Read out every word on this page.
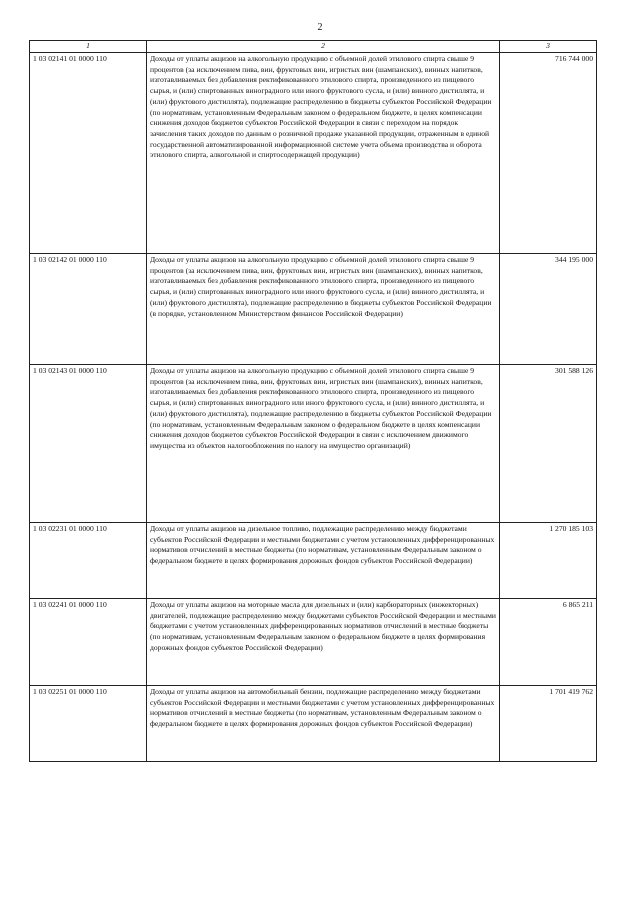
2
1	2	3
1 03 02141 01 0000 110	Доходы от уплаты акцизов на алкогольную продукцию с объемной долей этилового спирта свыше 9 процентов (за исключением пива, вин, фруктовых вин, игристых вин (шампанских), винных напитков, изготавливаемых без добавления ректификованного этилового спирта, произведенного из пищевого сырья, и (или) спиртованных виноградного или иного фруктового сусла, и (или) винного дистиллята, и (или) фруктового дистиллята), подлежащие распределению в бюджеты субъектов Российской Федерации (по нормативам, установленным Федеральным законом о федеральном бюджете, в целях компенсации снижения доходов бюджетов субъектов Российской Федерации в связи с переходом на порядок зачисления таких доходов по данным о розничной продаже указанной продукции, отраженным в единой государственной автоматизированной информационной системе учета объема производства и оборота этилового спирта, алкогольной и спиртосодержащей продукции)	716 744 000
1 03 02142 01 0000 110	Доходы от уплаты акцизов на алкогольную продукцию с объемной долей этилового спирта свыше 9 процентов (за исключением пива, вин, фруктовых вин, игристых вин (шампанских), винных напитков, изготавливаемых без добавления ректификованного этилового спирта, произведенного из пищевого сырья, и (или) спиртованных виноградного или иного фруктового сусла, и (или) винного дистиллята, и (или) фруктового дистиллята), подлежащие распределению в бюджеты субъектов Российской Федерации (в порядке, установленном Министерством финансов Российской Федерации)	344 195 000
1 03 02143 01 0000 110	Доходы от уплаты акцизов на алкогольную продукцию с объемной долей этилового спирта свыше 9 процентов (за исключением пива, вин, фруктовых вин, игристых вин (шампанских), винных напитков, изготавливаемых без добавления ректификованного этилового спирта, произведенного из пищевого сырья, и (или) спиртованных виноградного или иного фруктового сусла, и (или) винного дистиллята, и (или) фруктового дистиллята), подлежащие распределению в бюджеты субъектов Российской Федерации (по нормативам, установленным Федеральным законом о федеральном бюджете в целях компенсации снижения доходов бюджетов субъектов Российской Федерации в связи с исключением движимого имущества из объектов налогообложения по налогу на имущество организаций)	301 588 126
1 03 02231 01 0000 110	Доходы от уплаты акцизов на дизельное топливо, подлежащие распределению между бюджетами субъектов Российской Федерации и местными бюджетами с учетом установленных дифференцированных нормативов отчислений в местные бюджеты (по нормативам, установленным Федеральным законом о федеральном бюджете в целях формирования дорожных фондов субъектов Российской Федерации)	1 270 185 103
1 03 02241 01 0000 110	Доходы от уплаты акцизов на моторные масла для дизельных и (или) карбюраторных (инжекторных) двигателей, подлежащие распределению между бюджетами субъектов Российской Федерации и местными бюджетами с учетом установленных дифференцированных нормативов отчислений в местные бюджеты (по нормативам, установленным Федеральным законом о федеральном бюджете в целях формирования дорожных фондов субъектов Российской Федерации)	6 865 211
1 03 02251 01 0000 110	Доходы от уплаты акцизов на автомобильный бензин, подлежащие распределению между бюджетами субъектов Российской Федерации и местными бюджетами с учетом установленных дифференцированных нормативов отчислений в местные бюджеты (по нормативам, установленным Федеральным законом о федеральном бюджете в целях формирования дорожных фондов субъектов Российской Федерации)	1 701 419 762
